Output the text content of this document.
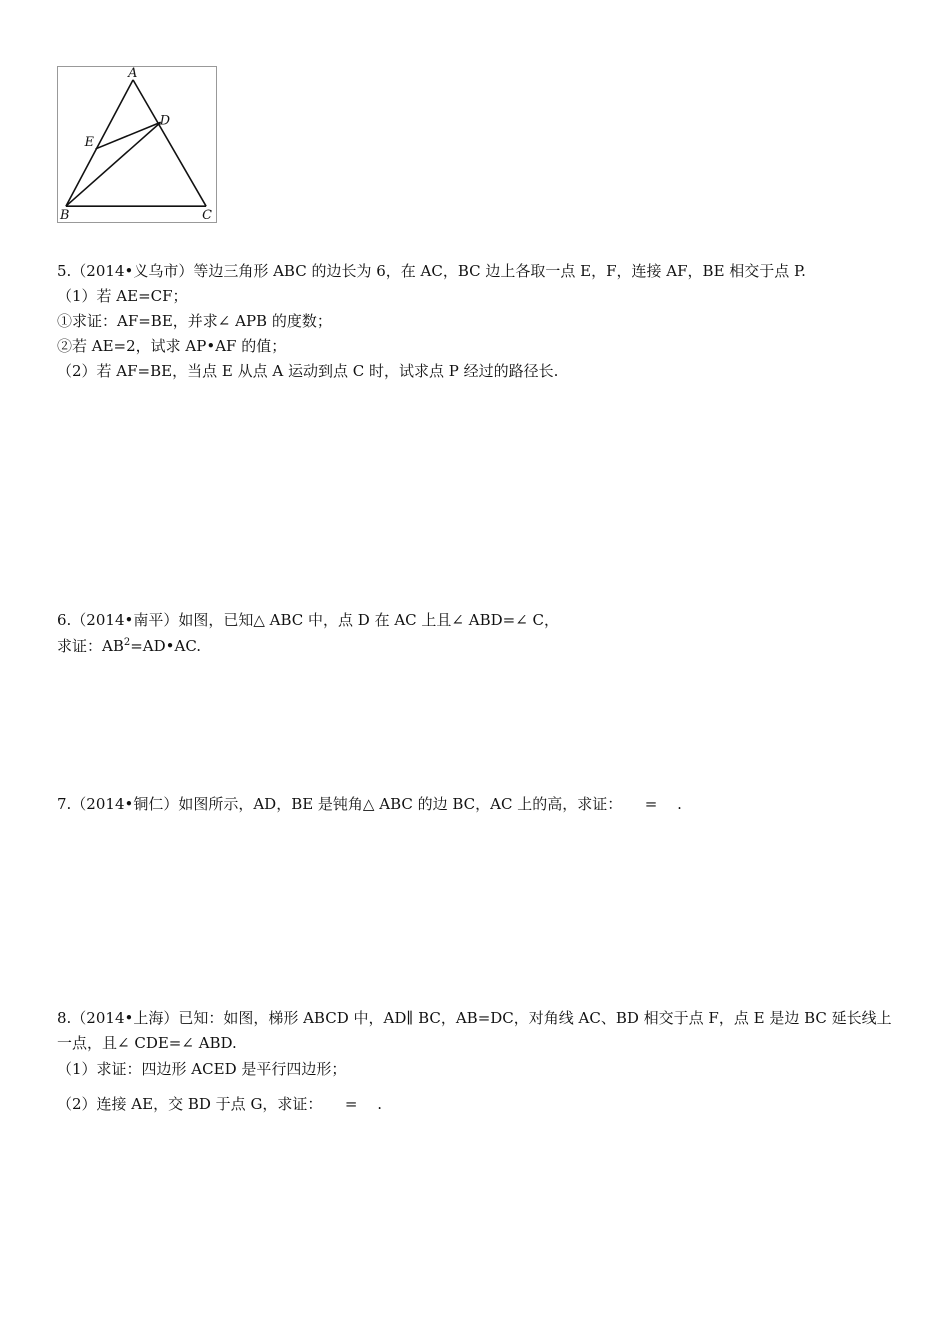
A
B	C
D
E
5.（2014•义乌市）等边三角形 ABC 的边长为 6，在 AC，BC 边上各取一点 E，F，连接 AF，BE 相交于点 P.
（1）若 AE=CF；
①求证：AF=BE，并求∠ APB 的度数；
②若 AE=2，试求 AP•AF 的值；
（2）若 AF=BE，当点 E 从点 A 运动到点 C 时，试求点 P 经过的路径长.
6.（2014•南平）如图，已知△ ABC 中，点 D 在 AC 上且∠ ABD=∠ C，
求证：$AB^2=AD•AC$.
7.（2014•铜仁）如图所示，AD，BE 是钝角△ ABC 的边 BC，AC 上的高，求证：　　=　 .
8.（2014•上海）已知：如图，梯形 ABCD 中，AD∥ BC，AB=DC，对角线 AC、BD 相交于点 F，点 E 是边 BC 延长线上一点，且∠ CDE=∠ ABD.
（1）求证：四边形 ACED 是平行四边形；
（2）连接 AE，交 BD 于点 G，求证：　　=　 .
